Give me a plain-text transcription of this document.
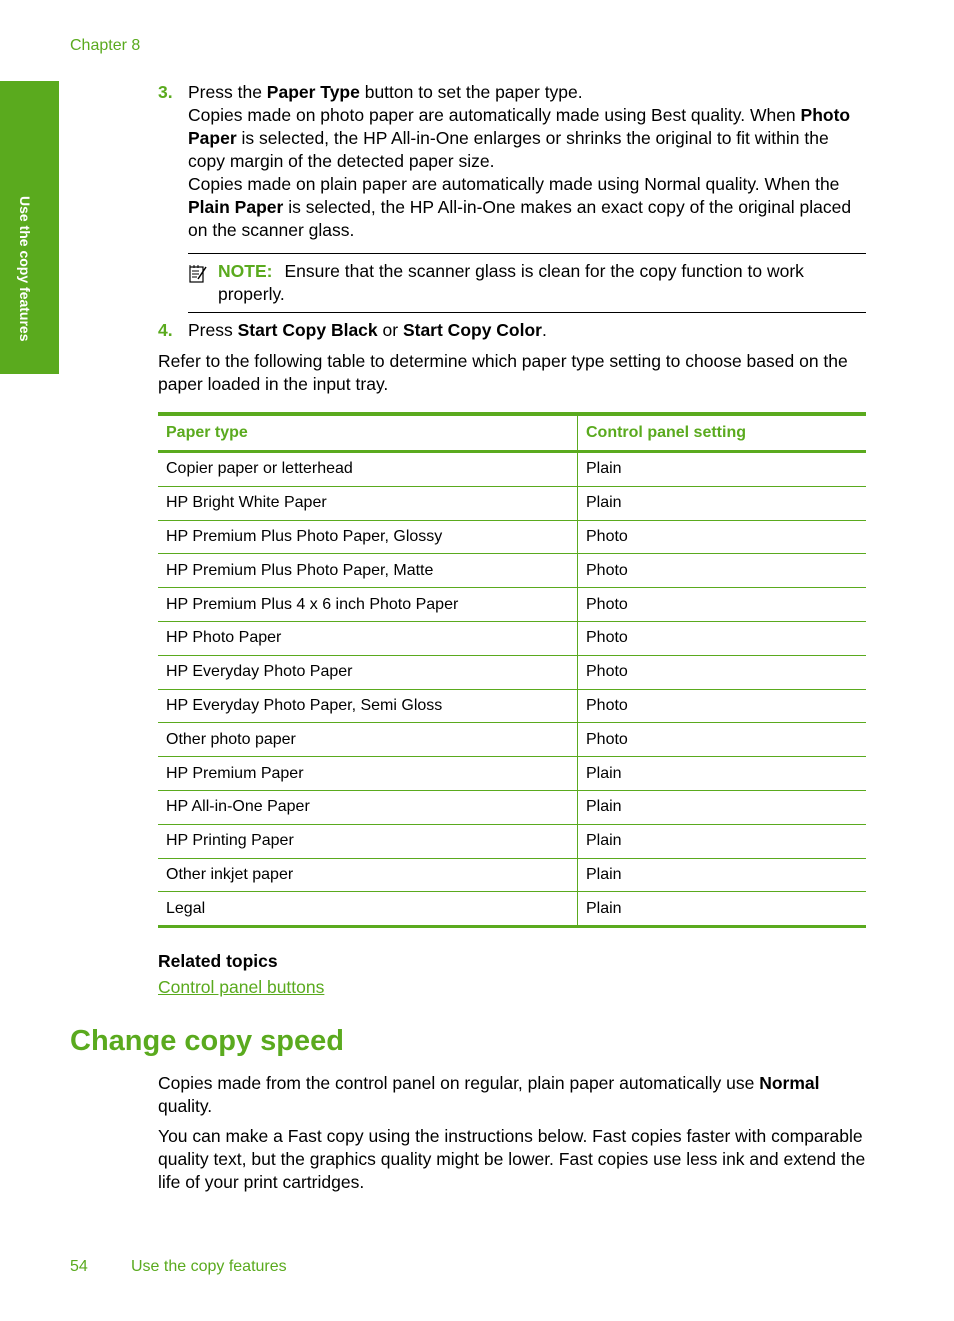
Chapter 8
Use the copy features
3. Press the Paper Type button to set the paper type.

Copies made on photo paper are automatically made using Best quality. When Photo Paper is selected, the HP All-in-One enlarges or shrinks the original to fit within the copy margin of the detected paper size.

Copies made on plain paper are automatically made using Normal quality. When the Plain Paper is selected, the HP All-in-One makes an exact copy of the original placed on the scanner glass.

NOTE: Ensure that the scanner glass is clean for the copy function to work properly.
4. Press Start Copy Black or Start Copy Color.

Refer to the following table to determine which paper type setting to choose based on the paper loaded in the input tray.

Paper type	Control panel setting
Copier paper or letterhead	Plain
HP Bright White Paper	Plain
HP Premium Plus Photo Paper, Glossy	Photo
HP Premium Plus Photo Paper, Matte	Photo
HP Premium Plus 4 x 6 inch Photo Paper	Photo
HP Photo Paper	Photo
HP Everyday Photo Paper	Photo
HP Everyday Photo Paper, Semi Gloss	Photo
Other photo paper	Photo
HP Premium Paper	Plain
HP All-in-One Paper	Plain
HP Printing Paper	Plain
Other inkjet paper	Plain
Legal	Plain
Related topics
Control panel buttons
Change copy speed

Copies made from the control panel on regular, plain paper automatically use Normal quality.

You can make a Fast copy using the instructions below. Fast copies faster with comparable quality text, but the graphics quality might be lower. Fast copies use less ink and extend the life of your print cartridges.

54	Use the copy features
